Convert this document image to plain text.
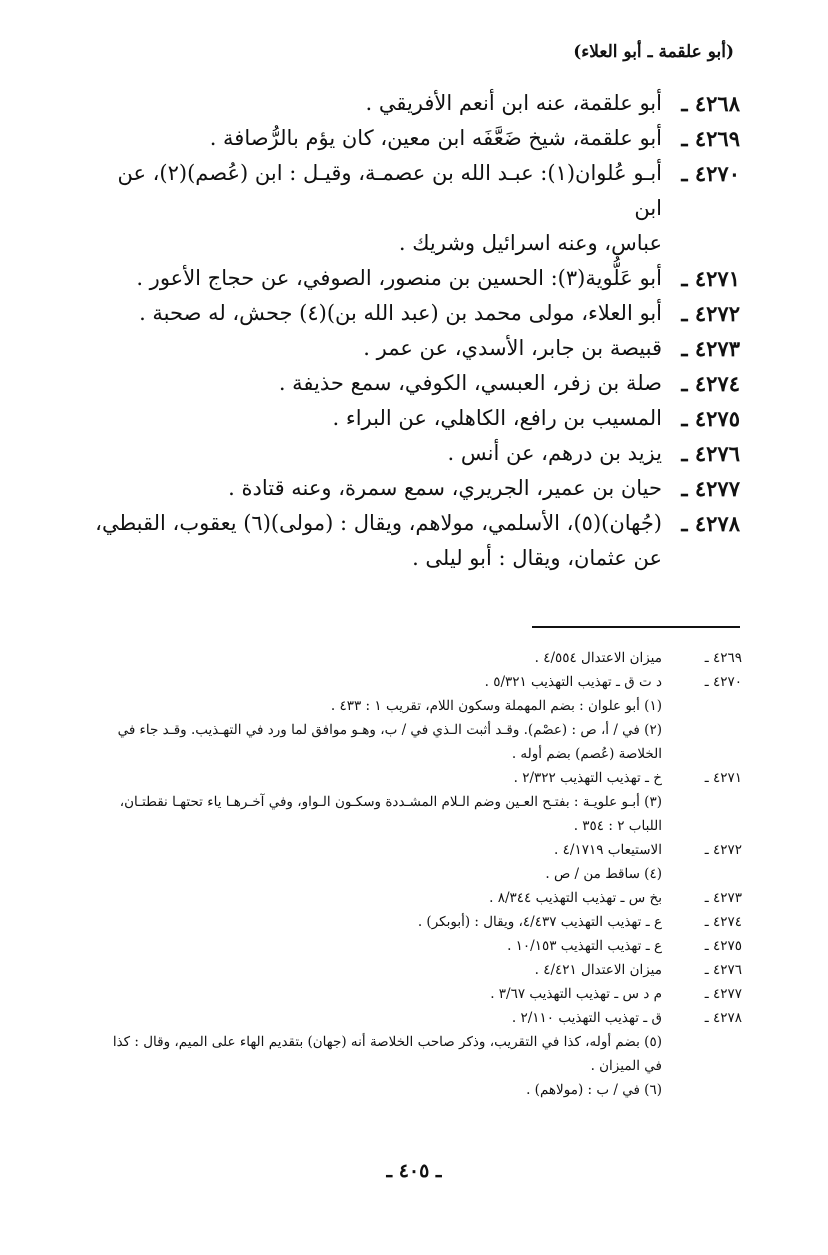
(أبو علقمة ـ أبو العلاء)
٤٢٦٨ ـ
أبو علقمة، عنه ابن أنعم الأفريقي .
٤٢٦٩ ـ
أبو علقمة، شيخ ضَعَّفَه ابن معين، كان يؤم بالرُّصافة .
٤٢٧٠ ـ
أبـو عُلوان(١): عبـد الله بن عصمـة، وقيـل : ابن (عُصم)(٢)، عن ابن
عباس، وعنه اسرائيل وشريك .
٤٢٧١ ـ
أبو عَلُّوية(٣): الحسين بن منصور، الصوفي، عن حجاج الأعور .
٤٢٧٢ ـ
أبو العلاء، مولى محمد بن (عبد الله بن)(٤) جحش، له صحبة .
٤٢٧٣ ـ
قبيصة بن جابر، الأسدي، عن عمر .
٤٢٧٤ ـ
صلة بن زفر، العبسي، الكوفي، سمع حذيفة .
٤٢٧٥ ـ
المسيب بن رافع، الكاهلي، عن البراء .
٤٢٧٦ ـ
يزيد بن درهم، عن أنس .
٤٢٧٧ ـ
حيان بن عمير، الجريري، سمع سمرة، وعنه قتادة .
٤٢٧٨ ـ
(جُهان)(٥)، الأسلمي، مولاهم، ويقال : (مولى)(٦) يعقوب، القبطي،
عن عثمان، ويقال : أبو ليلى .
٤٢٦٩ ـ
ميزان الاعتدال ٤/٥٥٤ .
٤٢٧٠ ـ
د ت ق ـ تهذيب التهذيب ٥/٣٢١ .
(١) أبو علوان : بضم المهملة وسكون اللام، تقريب ١ : ٤٣٣ .
(٢) في / أ، ص : (عصْم). وقـد أثبت الـذي في / ب، وهـو موافق لما ورد في التهـذيب. وقـد جاء في الخلاصة (عُصم) بضم أوله .
٤٢٧١ ـ
خ ـ تهذيب التهذيب ٢/٣٢٢ .
(٣) أبـو علويـة : بفتـح العـين وضم الـلام المشـددة وسكـون الـواو، وفي آخـرهـا ياء تحتهـا نقطتـان، اللباب ٢ : ٣٥٤ .
٤٢٧٢ ـ
الاستيعاب ٤/١٧١٩ .
(٤) ساقط من / ص .
٤٢٧٣ ـ
بخ س ـ تهذيب التهذيب ٨/٣٤٤ .
٤٢٧٤ ـ
ع ـ تهذيب التهذيب ٤/٤٣٧، ويقال : (أبوبكر) .
٤٢٧٥ ـ
ع ـ تهذيب التهذيب ١٠/١٥٣ .
٤٢٧٦ ـ
ميزان الاعتدال ٤/٤٢١ .
٤٢٧٧ ـ
م د س ـ تهذيب التهذيب ٣/٦٧ .
٤٢٧٨ ـ
ق ـ تهذيب التهذيب ٢/١١٠ .
(٥) بضم أوله، كذا في التقريب، وذكر صاحب الخلاصة أنه (جهان) بتقديم الهاء على الميم، وقال : كذا في الميزان .
(٦) في / ب : (مولاهم) .
ـ ٤٠٥ ـ
